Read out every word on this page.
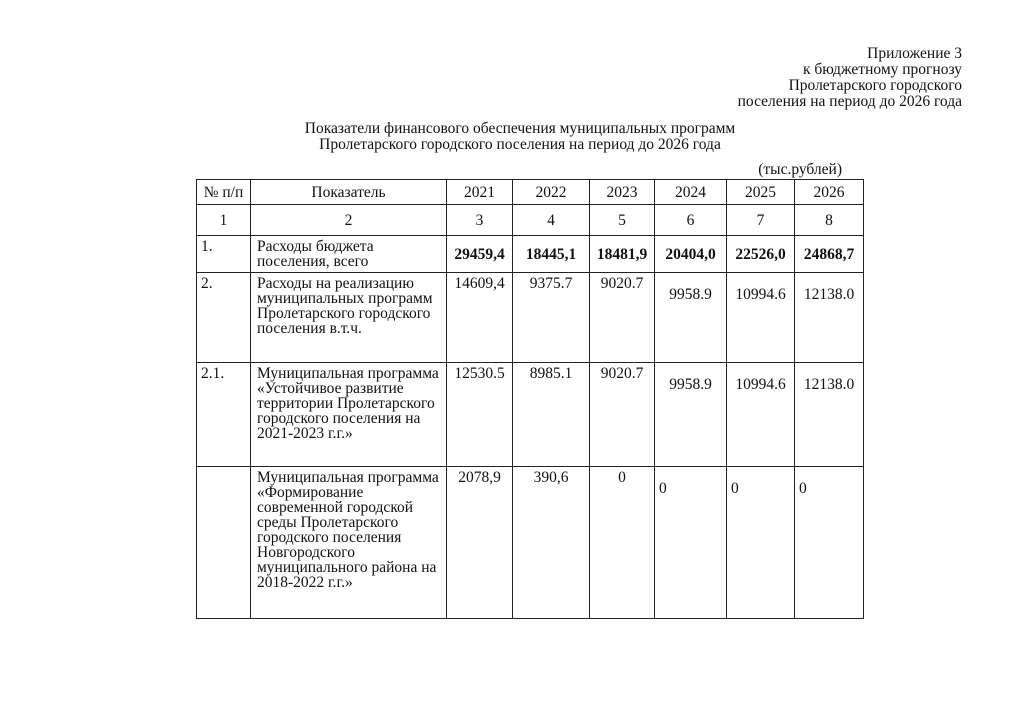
Приложение 3
к бюджетному прогнозу
Пролетарского городского
поселения на период до 2026 года
Показатели финансового обеспечения муниципальных программ
Пролетарского городского поселения на период до 2026 года
(тыс.рублей)
№ п/п	Показатель	2021	2022	2023	2024	2025	2026
1	2	3	4	5	6	7	8
1.	Расходы бюджета поселения, всего	29459,4	18445,1	18481,9	20404,0	22526,0	24868,7
2.	Расходы на реализацию муниципальных программ Пролетарского городского поселения в.т.ч.	14609,4	9375.7	9020.7	9958.9	10994.6	12138.0
2.1.	Муниципальная программа «Устойчивое развитие территории Пролетарского городского поселения на 2021-2023 г.г.»	12530.5	8985.1	9020.7	9958.9	10994.6	12138.0
	Муниципальная программа «Формирование современной городской среды Пролетарского городского поселения Новгородского муниципального района на 2018-2022 г.г.»	2078,9	390,6	0	0	0	0
